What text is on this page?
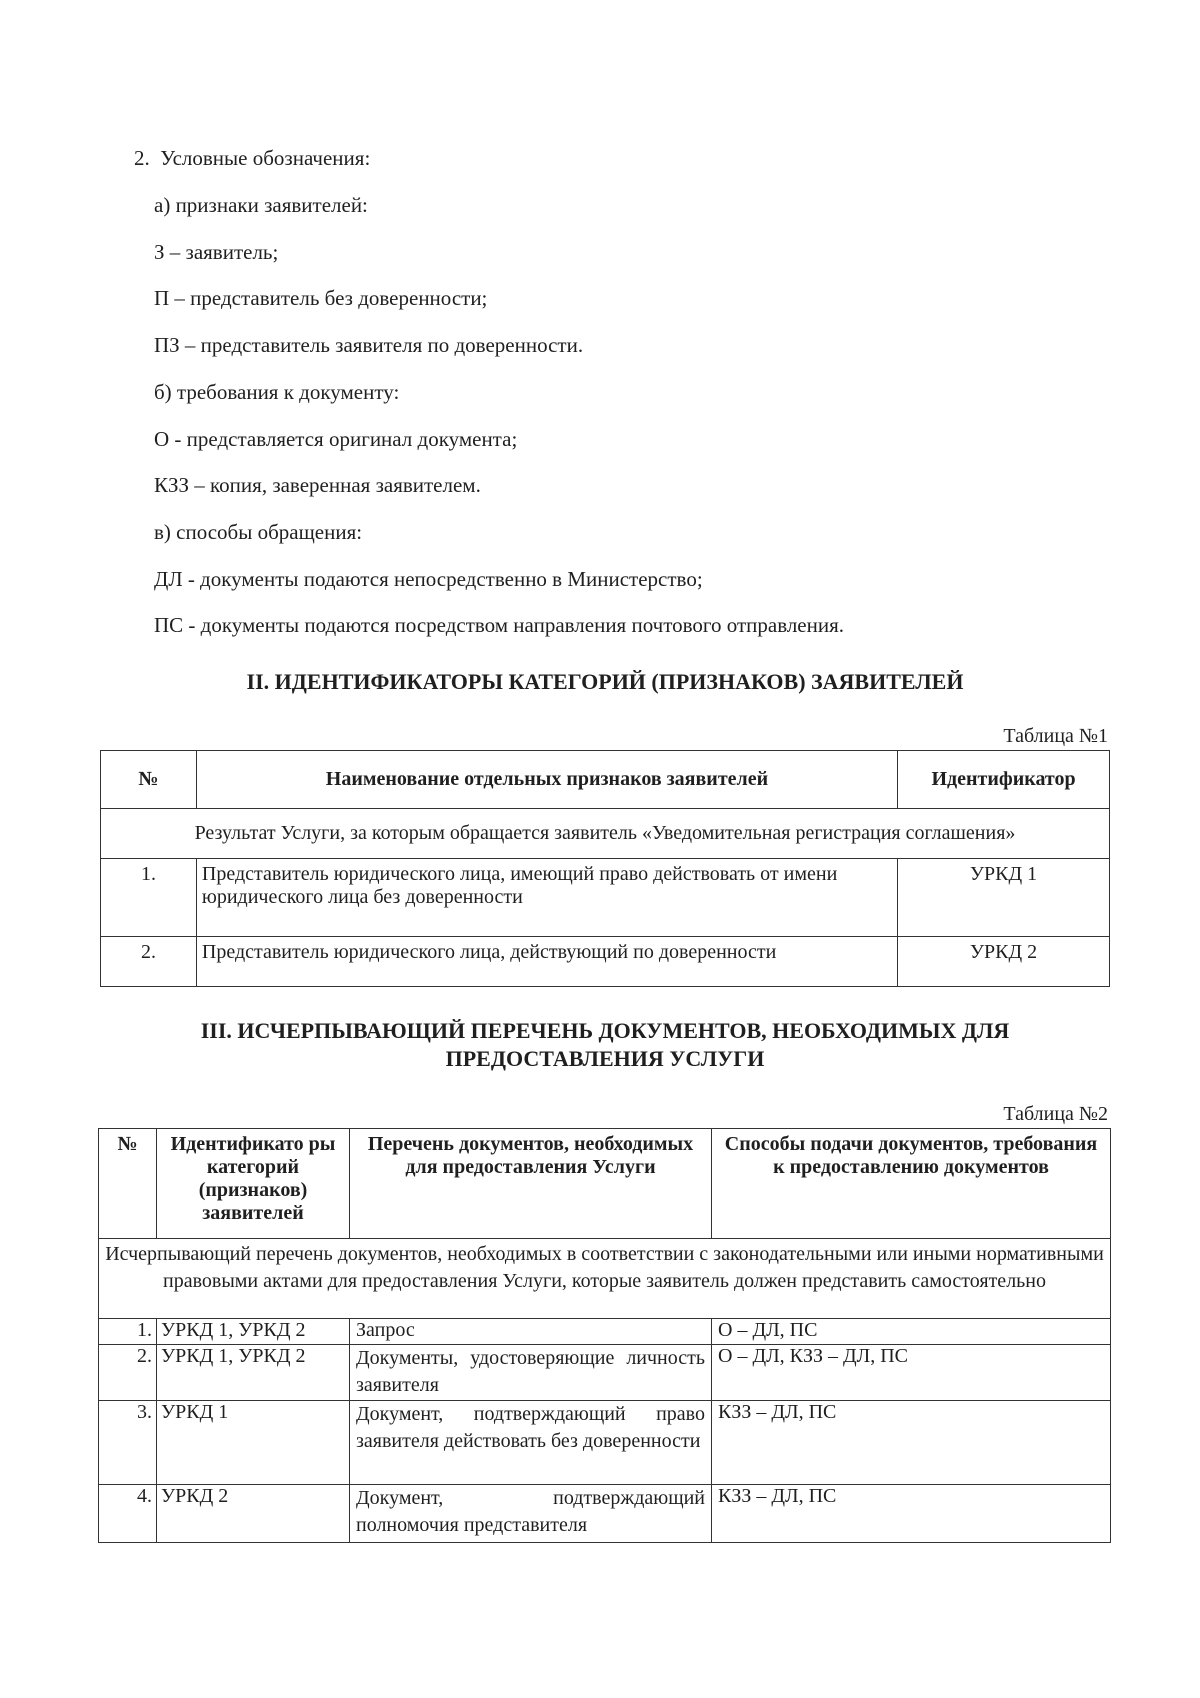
2.  Условные обозначения:
а) признаки заявителей:
З – заявитель;
П – представитель без доверенности;
ПЗ – представитель заявителя по доверенности.
б) требования к документу:
О - представляется оригинал документа;
КЗЗ – копия, заверенная заявителем.
в) способы обращения:
ДЛ - документы подаются непосредственно в Министерство;
ПС - документы подаются посредством направления почтового отправления.
II. ИДЕНТИФИКАТОРЫ КАТЕГОРИЙ (ПРИЗНАКОВ) ЗАЯВИТЕЛЕЙ
Таблица №1
№	Наименование отдельных признаков заявителей	Идентификатор
Результат Услуги, за которым обращается заявитель «Уведомительная регистрация соглашения»		
1.	Представитель юридического лица, имеющий право действовать от имени юридического лица без доверенности	УРКД 1
2.	Представитель юридического лица, действующий по доверенности	УРКД 2
III. ИСЧЕРПЫВАЮЩИЙ ПЕРЕЧЕНЬ ДОКУМЕНТОВ, НЕОБХОДИМЫХ ДЛЯ
ПРЕДОСТАВЛЕНИЯ УСЛУГИ
Таблица №2
№	Идентификато ры категорий (признаков) заявителей	Перечень документов, необходимых для предоставления Услуги	Способы подачи документов, требования к предоставлению документов
Исчерпывающий перечень документов, необходимых в соответствии с законодательными или иными нормативными правовыми актами для предоставления Услуги, которые заявитель должен представить самостоятельно			
1.	УРКД 1, УРКД 2	Запрос	О – ДЛ, ПС
2.	УРКД 1, УРКД 2	Документы, удостоверяющие личность заявителя	О – ДЛ, КЗЗ – ДЛ, ПС
3.	УРКД 1	Документ, подтверждающий право заявителя действовать без доверенности	КЗЗ – ДЛ, ПС
4.	УРКД 2	Документ, подтверждающий полномочия представителя	КЗЗ – ДЛ, ПС
